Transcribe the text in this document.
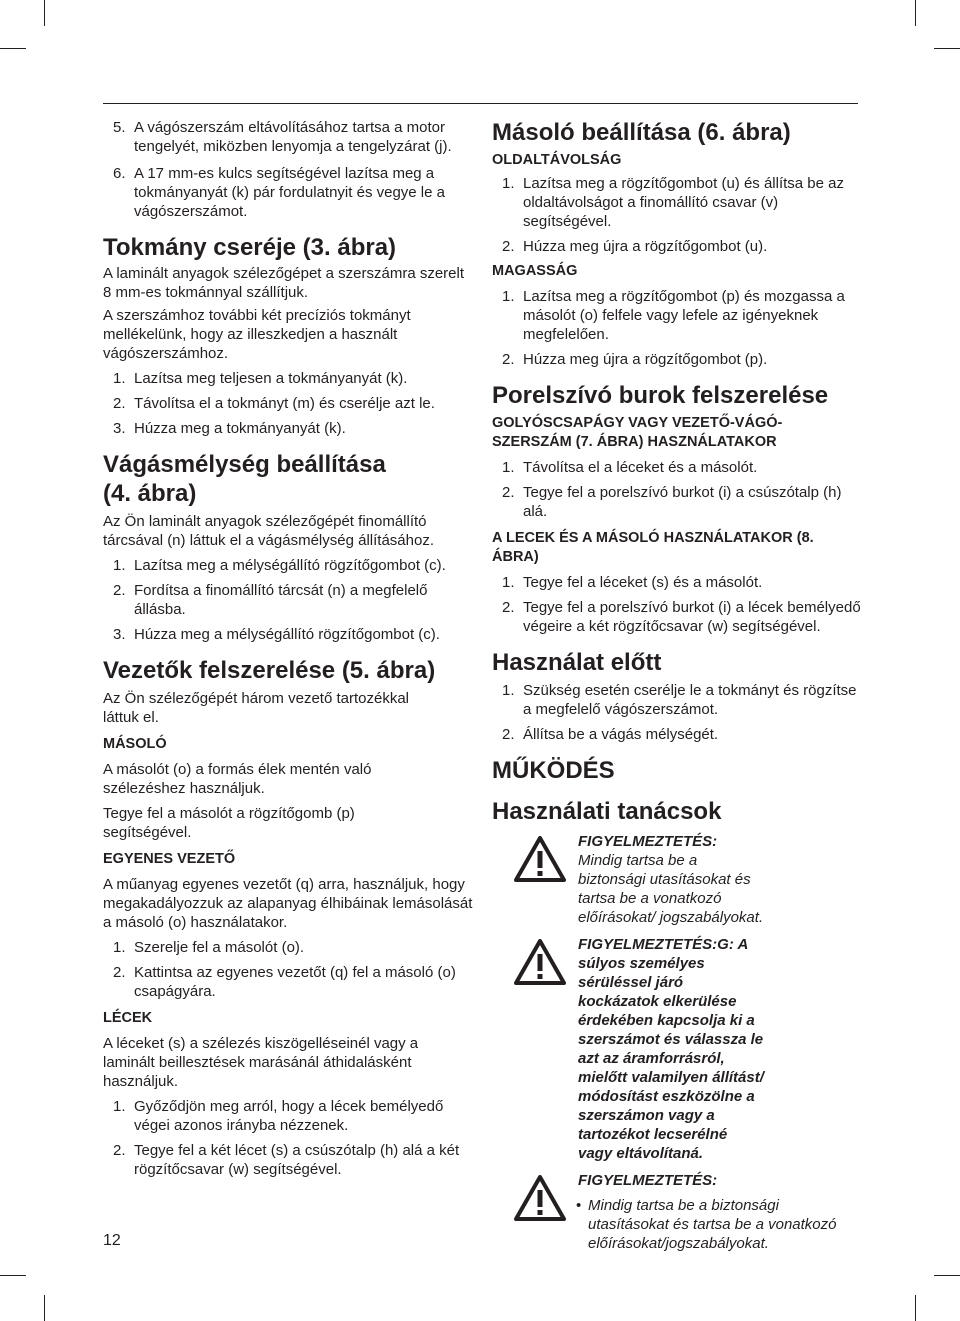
5. A vágószerszám eltávolításához tartsa a motor tengelyét, miközben lenyomja a tengelyzárat (j).
6. A 17 mm-es kulcs segítségével lazítsa meg a tokmányanyát (k) pár fordulatnyit és vegye le a vágószerszámot.

Tokmány cseréje (3. ábra)

A laminált anyagok szélezőgépet a szerszámra szerelt 8 mm-es tokmánnyal szállítjuk.

A szerszámhoz további két precíziós tokmányt mellékelünk, hogy az illeszkedjen a használt vágószerszámhoz.

1. Lazítsa meg teljesen a tokmányanyát (k).
2. Távolítsa el a tokmányt (m) és cserélje azt le.
3. Húzza meg a tokmányanyát (k).

Vágásmélység beállítása (4. ábra)

Az Ön laminált anyagok szélezőgépét finomállító tárcsával (n) láttuk el a vágásmélység állításához.

1. Lazítsa meg a mélységállító rögzítőgombot (c).
2. Fordítsa a finomállító tárcsát (n) a megfelelő állásba.
3. Húzza meg a mélységállító rögzítőgombot (c).

Vezetők felszerelése (5. ábra)

Az Ön szélezőgépét három vezető tartozékkal láttuk el.

MÁSOLÓ

A másolót (o) a formás élek mentén való szélezéshez használjuk.

Tegye fel a másolót a rögzítőgomb (p) segítségével.

EGYENES VEZETŐ

A műanyag egyenes vezetőt (q) arra, használjuk, hogy megakadályozzuk az alapanyag élhibáinak lemásolását a másoló (o) használatakor.

1. Szerelje fel a másolót (o).
2. Kattintsa az egyenes vezetőt (q) fel a másoló (o) csapágyára.

LÉCEK

A léceket (s) a szélezés kiszögelléseinél vagy a laminált beillesztések marásánál áthidalásként használjuk.

1. Győződjön meg arról, hogy a lécek bemélyedő végei azonos irányba nézzenek.
2. Tegye fel a két lécet (s) a csúszótalp (h) alá a két rögzítőcsavar (w) segítségével.

Másoló beállítása (6. ábra)

OLDALTÁVOLSÁG

1. Lazítsa meg a rögzítőgombot (u) és állítsa be az oldaltávolságot a finomállító csavar (v) segítségével.
2. Húzza meg újra a rögzítőgombot (u).

MAGASSÁG

1. Lazítsa meg a rögzítőgombot (p) és mozgassa a másolót (o) felfele vagy lefele az igényeknek megfelelően.
2. Húzza meg újra a rögzítőgombot (p).

Porelszívó burok felszerelése

GOLYÓSCSAPÁGY VAGY VEZETŐ-VÁGÓ-SZERSZÁM (7. ÁBRA) HASZNÁLATAKOR

1. Távolítsa el a léceket és a másolót.
2. Tegye fel a porelszívó burkot (i) a csúszótalp (h) alá.

A LECEK ÉS A MÁSOLÓ HASZNÁLATAKOR (8. ÁBRA)

1. Tegye fel a léceket (s) és a másolót.
2. Tegye fel a porelszívó burkot (i) a lécek bemélyedő végeire a két rögzítőcsavar (w) segítségével.

Használat előtt

1. Szükség esetén cserélje le a tokmányt és rögzítse a megfelelő vágószerszámot.
2. Állítsa be a vágás mélységét.

MŰKÖDÉS

Használati tanácsok

FIGYELMEZTETÉS: Mindig tartsa be a biztonsági utasításokat és tartsa be a vonatkozó előírásokat/ jogszabályokat.
FIGYELMEZTETÉS:G: A súlyos személyes sérüléssel járó kockázatok elkerülése érdekében kapcsolja ki a szerszámot és válassza le azt az áramforrásról, mielőtt valamilyen állítást/ módosítást eszközölne a szerszámon vagy a tartozékot lecserélné vagy eltávolítaná.
FIGYELMEZTETÉS:
• Mindig tartsa be a biztonsági utasításokat és tartsa be a vonatkozó előírásokat/jogszabályokat.
12
